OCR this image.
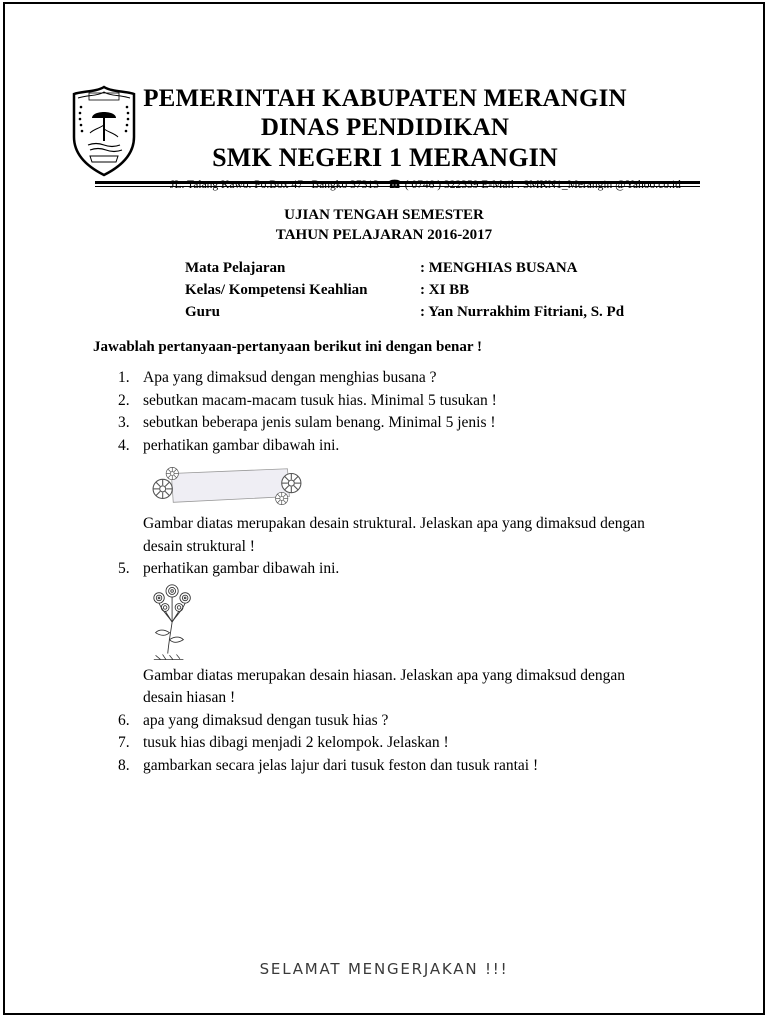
PEMERINTAH KABUPATEN MERANGIN
DINAS PENDIDIKAN
SMK NEGERI 1 MERANGIN
JL. Talang Kawo. Po.Box 47   Bangko 37313   ☎ ( 0746 ) 322359 E-Mail : SMKN1_Merangin @Yahoo.co.id
UJIAN TENGAH SEMESTER
TAHUN PELAJARAN 2016-2017
Mata Pelajaran	: MENGHIAS BUSANA
Kelas/ Kompetensi Keahlian	: XI BB
Guru	: Yan Nurrakhim Fitriani, S. Pd
Jawablah pertanyaan-pertanyaan berikut ini dengan benar !
1. Apa yang dimaksud dengan menghias busana ?
2. sebutkan macam-macam tusuk hias. Minimal 5 tusukan !
3. sebutkan beberapa jenis sulam benang. Minimal 5 jenis !
4. perhatikan gambar dibawah ini.
Gambar diatas merupakan desain struktural. Jelaskan apa yang dimaksud dengan desain struktural !
5. perhatikan gambar dibawah ini.
Gambar diatas merupakan desain hiasan. Jelaskan apa yang dimaksud dengan desain hiasan !
6. apa yang dimaksud dengan tusuk hias ?
7. tusuk hias dibagi menjadi 2 kelompok. Jelaskan !
8. gambarkan secara jelas lajur dari tusuk feston dan tusuk rantai !
SELAMAT MENGERJAKAN !!!
